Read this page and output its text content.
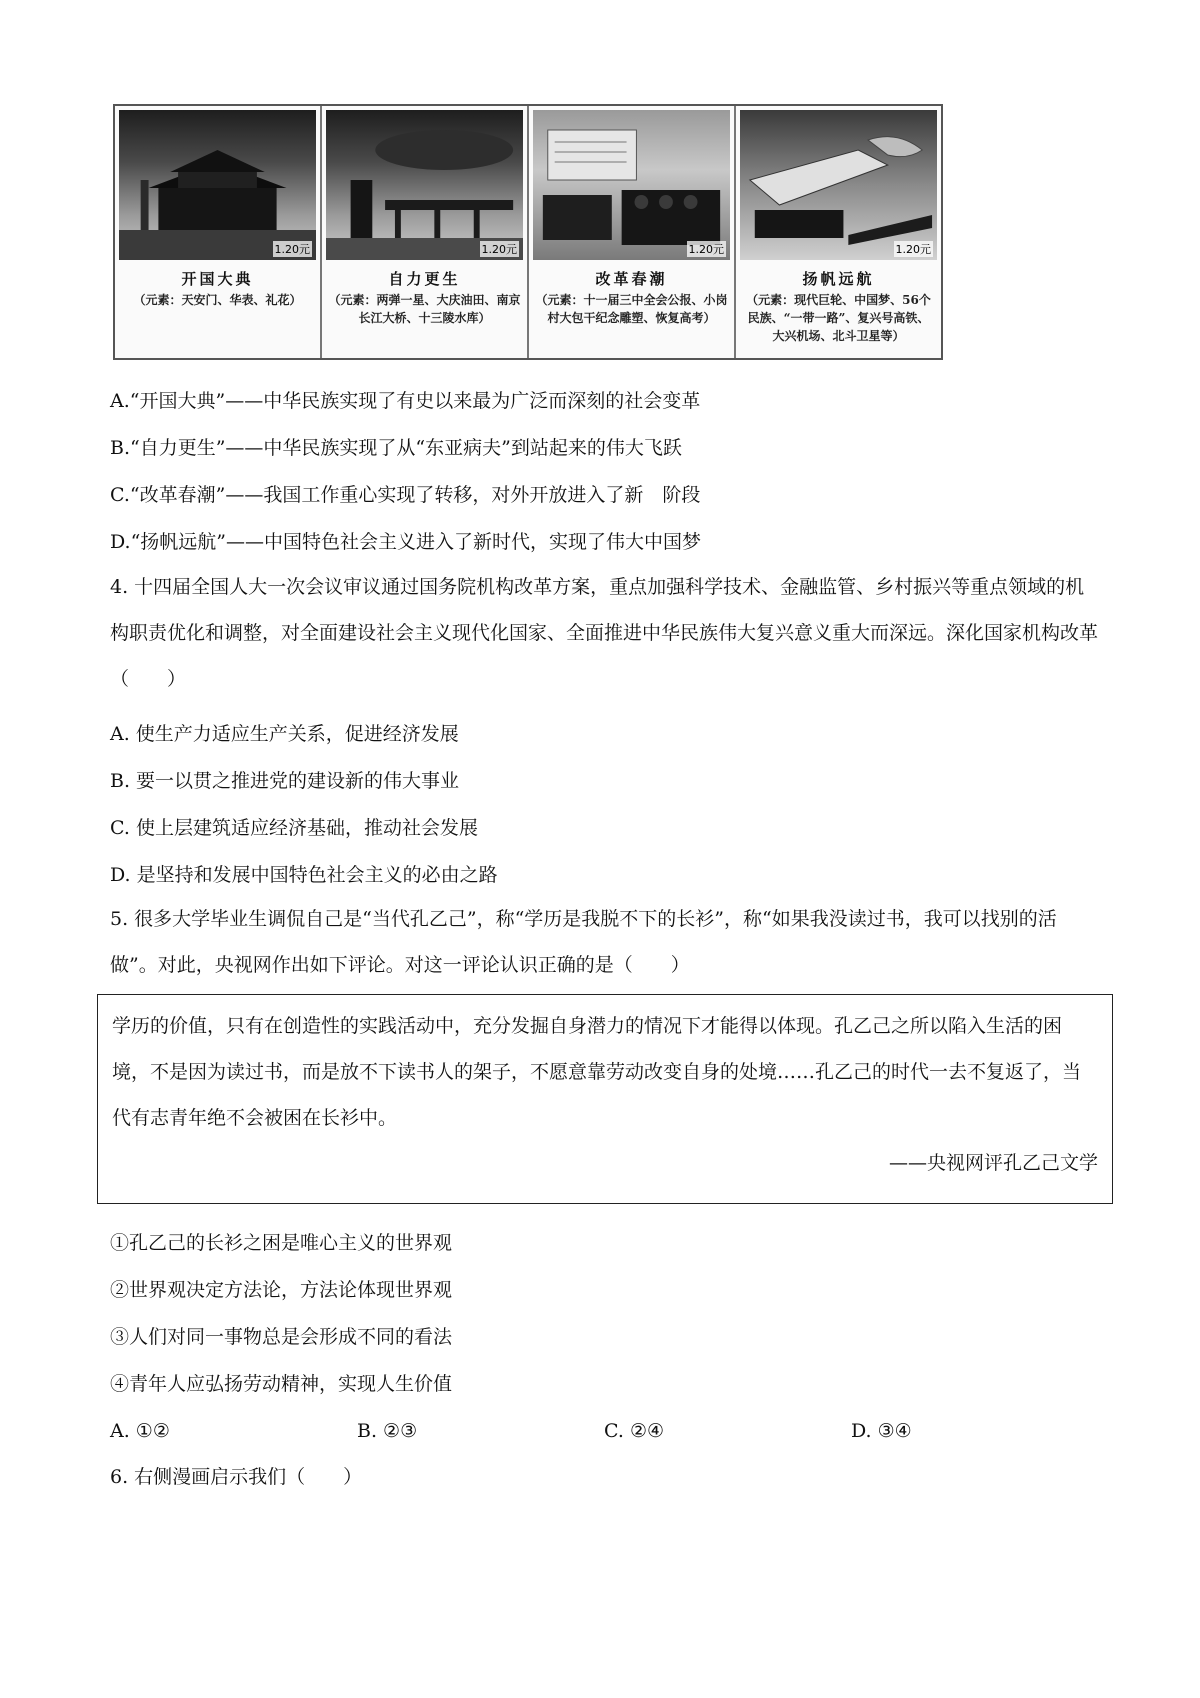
1.20元
开国大典
（元素：天安门、华表、礼花）
1.20元
自力更生
（元素：两弹一星、大庆油田、南京长江大桥、十三陵水库）
1.20元
改革春潮
（元素：十一届三中全会公报、小岗村大包干纪念雕塑、恢复高考）
1.20元
扬帆远航
（元素：现代巨轮、中国梦、56个民族、“一带一路”、复兴号高铁、大兴机场、北斗卫星等）
A.“开国大典”——中华民族实现了有史以来最为广泛而深刻的社会变革
B.“自力更生”——中华民族实现了从“东亚病夫”到站起来的伟大飞跃
C.“改革春潮”——我国工作重心实现了转移，对外开放进入了新　阶段
D.“扬帆远航”——中国特色社会主义进入了新时代，实现了伟大中国梦
4. 十四届全国人大一次会议审议通过国务院机构改革方案，重点加强科学技术、金融监管、乡村振兴等重点领域的机构职责优化和调整，对全面建设社会主义现代化国家、全面推进中华民族伟大复兴意义重大而深远。深化国家机构改革（　　）
A. 使生产力适应生产关系，促进经济发展
B. 要一以贯之推进党的建设新的伟大事业
C. 使上层建筑适应经济基础，推动社会发展
D. 是坚持和发展中国特色社会主义的必由之路
5. 很多大学毕业生调侃自己是“当代孔乙己”，称“学历是我脱不下的长衫”，称“如果我没读过书，我可以找别的活做”。对此，央视网作出如下评论。对这一评论认识正确的是（　　）
学历的价值，只有在创造性的实践活动中，充分发掘自身潜力的情况下才能得以体现。孔乙己之所以陷入生活的困境，不是因为读过书，而是放不下读书人的架子，不愿意靠劳动改变自身的处境……孔乙己的时代一去不复返了，当代有志青年绝不会被困在长衫中。
——央视网评孔乙己文学
①孔乙己的长衫之困是唯心主义的世界观
②世界观决定方法论，方法论体现世界观
③人们对同一事物总是会形成不同的看法
④青年人应弘扬劳动精神，实现人生价值
A. ①②	B. ②③	C. ②④	D. ③④
6. 右侧漫画启示我们（　　）
